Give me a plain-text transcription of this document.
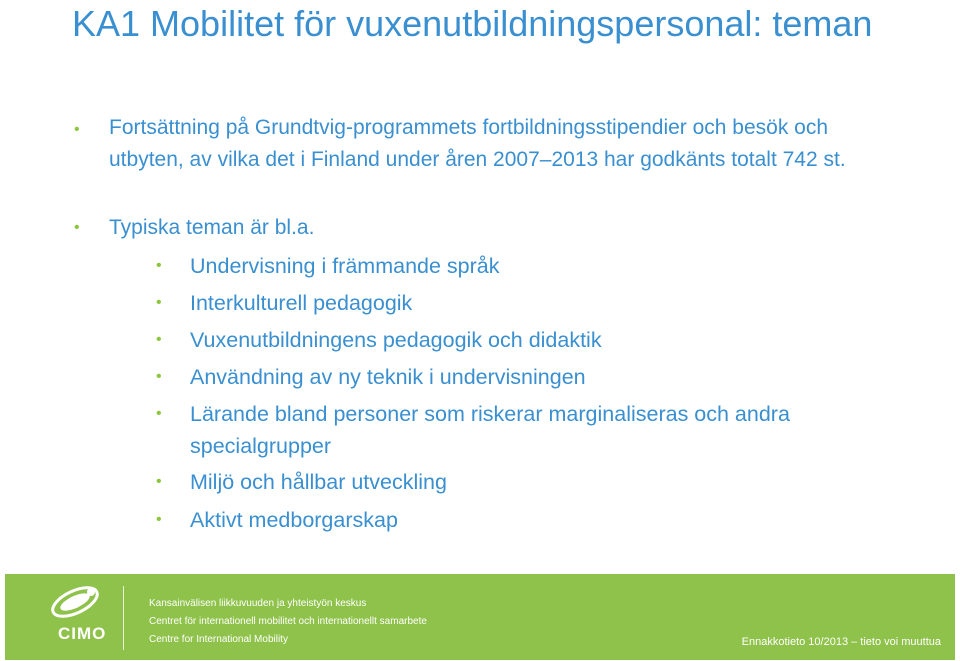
KA1 Mobilitet för vuxenutbildningspersonal: teman
• Fortsättning på Grundtvig-programmets fortbildningsstipendier och besök och utbyten, av vilka det i Finland under åren 2007–2013 har godkänts totalt 742 st.
• Typiska teman är bl.a.
• Undervisning i främmande språk
• Interkulturell pedagogik
• Vuxenutbildningens pedagogik och didaktik
• Användning av ny teknik i undervisningen
• Lärande bland personer som riskerar marginaliseras och andra specialgrupper
• Miljö och hållbar utveckling
• Aktivt medborgarskap
CIMO
Kansainvälisen liikkuvuuden ja yhteistyön keskus
Centret för internationell mobilitet och internationellt samarbete
Centre for International Mobility	Ennakkotieto 10/2013 – tieto voi muuttua
